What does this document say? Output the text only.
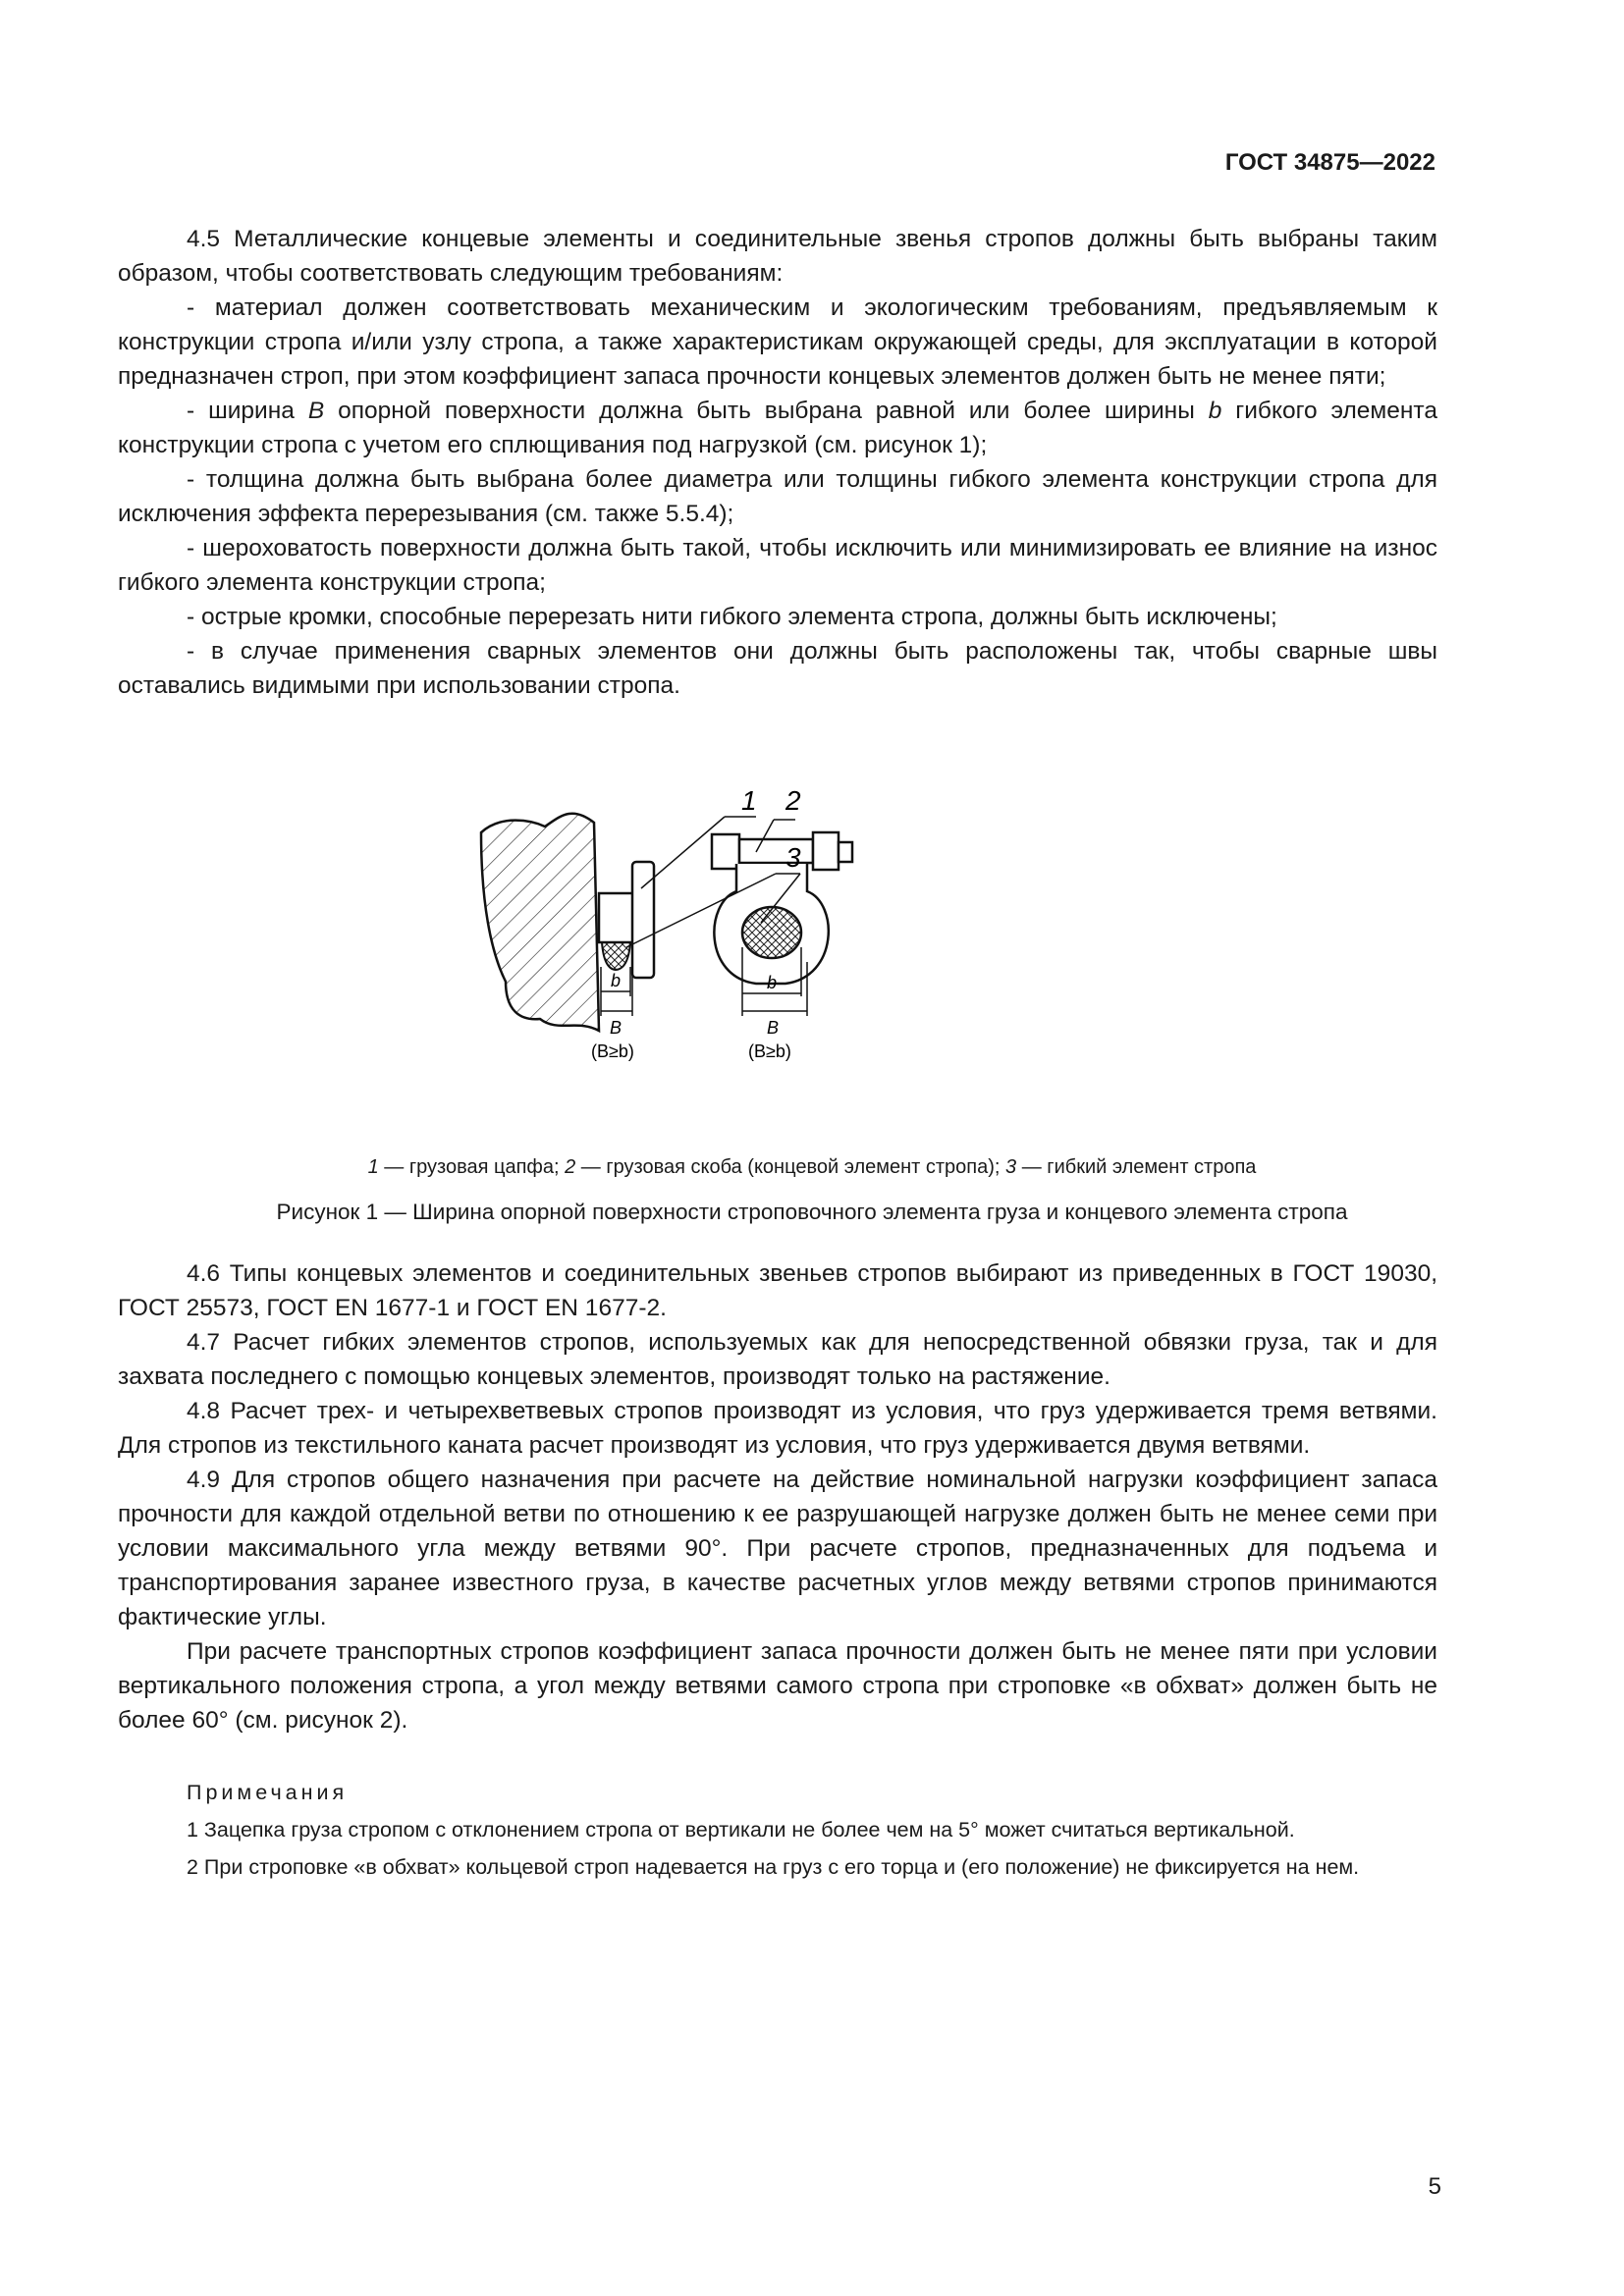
ГОСТ 34875—2022

4.5 Металлические концевые элементы и соединительные звенья стропов должны быть выбраны таким образом, чтобы соответствовать следующим требованиям:

- материал должен соответствовать механическим и экологическим требованиям, предъявляемым к конструкции стропа и/или узлу стропа, а также характеристикам окружающей среды, для эксплуатации в которой предназначен строп, при этом коэффициент запаса прочности концевых элементов должен быть не менее пяти;

- ширина B опорной поверхности должна быть выбрана равной или более ширины b гибкого элемента конструкции стропа с учетом его сплющивания под нагрузкой (см. рисунок 1);

- толщина должна быть выбрана более диаметра или толщины гибкого элемента конструкции стропа для исключения эффекта перерезывания (см. также 5.5.4);

- шероховатость поверхности должна быть такой, чтобы исключить или минимизировать ее влияние на износ гибкого элемента конструкции стропа;

- острые кромки, способные перерезать нити гибкого элемента стропа, должны быть исключены;

- в случае применения сварных элементов они должны быть расположены так, чтобы сварные швы оставались видимыми при использовании стропа.

b
B
(B≥b)
b
B
(B≥b)
1 2
3
1 — грузовая цапфа; 2 — грузовая скоба (концевой элемент стропа); 3 — гибкий элемент стропа
Рисунок 1 — Ширина опорной поверхности строповочного элемента груза и концевого элемента стропа

4.6 Типы концевых элементов и соединительных звеньев стропов выбирают из приведенных в ГОСТ 19030, ГОСТ 25573, ГОСТ EN 1677-1 и ГОСТ EN 1677-2.

4.7 Расчет гибких элементов стропов, используемых как для непосредственной обвязки груза, так и для захвата последнего с помощью концевых элементов, производят только на растяжение.

4.8 Расчет трех- и четырехветвевых стропов производят из условия, что груз удерживается тремя ветвями. Для стропов из текстильного каната расчет производят из условия, что груз удерживается двумя ветвями.

4.9 Для стропов общего назначения при расчете на действие номинальной нагрузки коэффициент запаса прочности для каждой отдельной ветви по отношению к ее разрушающей нагрузке должен быть не менее семи при условии максимального угла между ветвями 90°. При расчете стропов, предназначенных для подъема и транспортирования заранее известного груза, в качестве расчетных углов между ветвями стропов принимаются фактические углы.

При расчете транспортных стропов коэффициент запаса прочности должен быть не менее пяти при условии вертикального положения стропа, а угол между ветвями самого стропа при строповке «в обхват» должен быть не более 60° (см. рисунок 2).

Примечания

1 Зацепка груза стропом с отклонением стропа от вертикали не более чем на 5° может считаться вертикальной.

2 При строповке «в обхват» кольцевой строп надевается на груз с его торца и (его положение) не фиксируется на нем.

5
